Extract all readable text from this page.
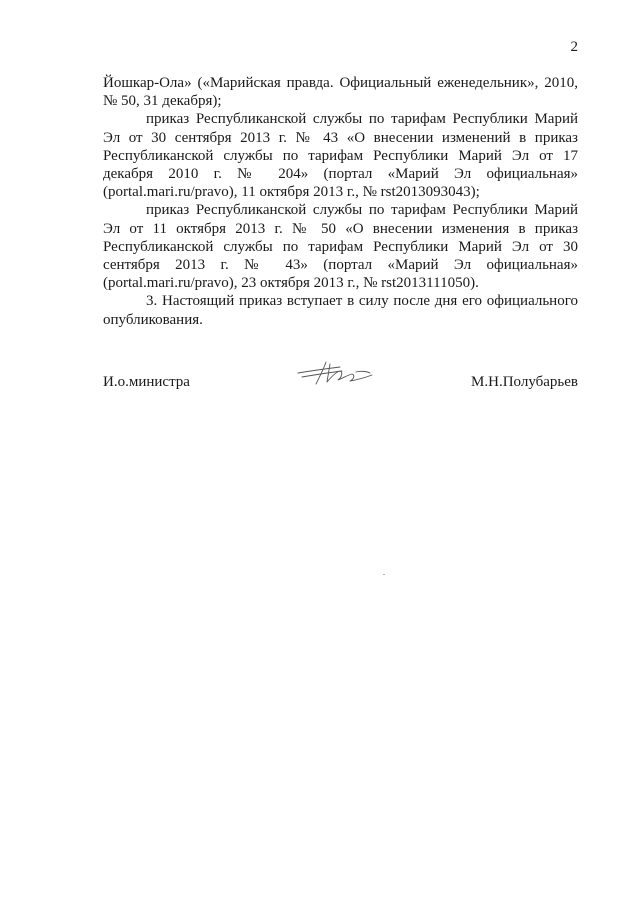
2

Йошкар-Ола» («Марийская правда. Официальный еженедельник», 2010, № 50, 31 декабря);

приказ Республиканской службы по тарифам Республики Марий Эл от 30 сентября 2013 г. № 43 «О внесении изменений в приказ Республиканской службы по тарифам Республики Марий Эл от 17 декабря 2010 г. № 204» (портал «Марий Эл официальная» (portal.mari.ru/pravo), 11 октября 2013 г., № rst2013093043);

приказ Республиканской службы по тарифам Республики Марий Эл от 11 октября 2013 г. № 50 «О внесении изменения в приказ Республиканской службы по тарифам Республики Марий Эл от 30 сентября 2013 г. № 43» (портал «Марий Эл официальная» (portal.mari.ru/pravo), 23 октября 2013 г., № rst2013111050).

3. Настоящий приказ вступает в силу после дня его официального опубликования.

И.о.министра	М.Н.Полубарьев
